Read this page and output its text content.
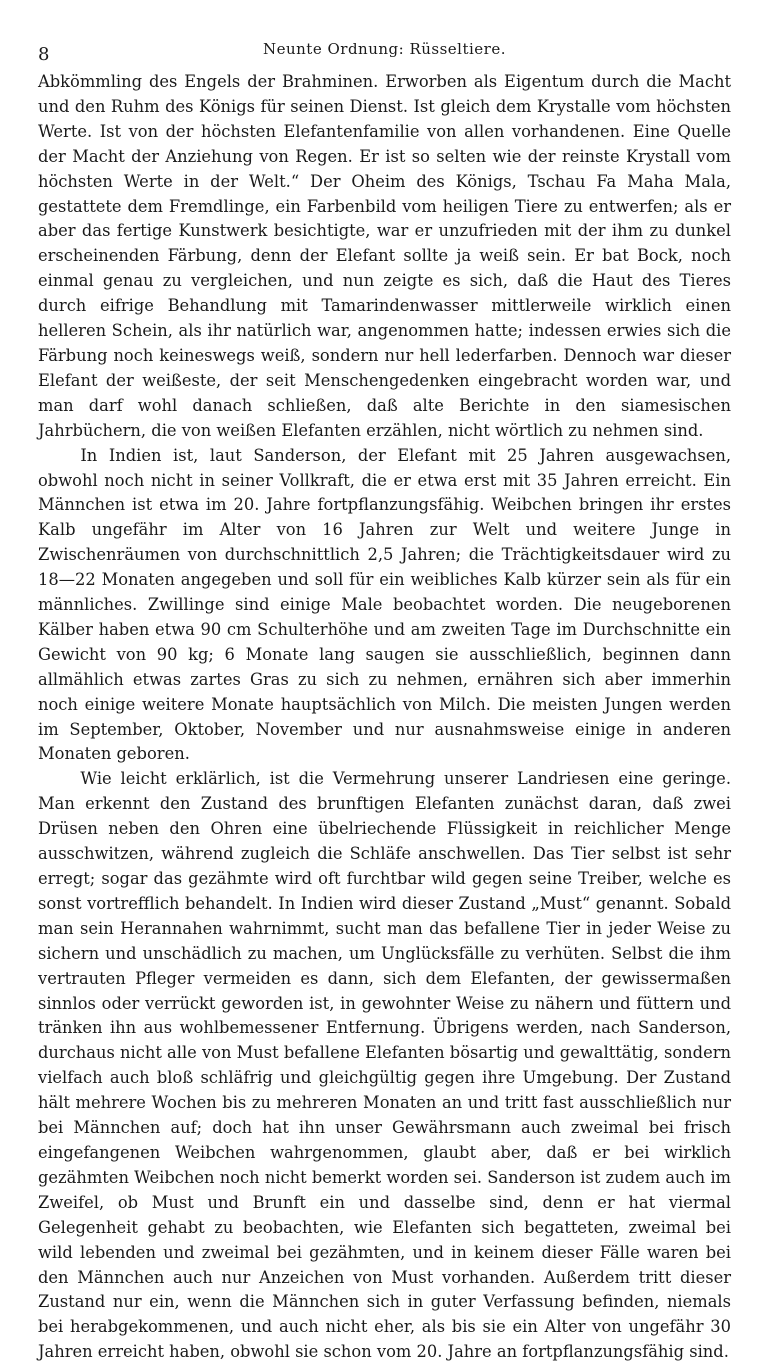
8	Neunte Ordnung: Rüsseltiere.

Abkömmling des Engels der Brahminen. Erworben als Eigentum durch die Macht und den Ruhm des Königs für seinen Dienst. Ist gleich dem Krystalle vom höchsten Werte. Ist von der höchsten Elefantenfamilie von allen vorhandenen. Eine Quelle der Macht der Anziehung von Regen. Er ist so selten wie der reinste Krystall vom höchsten Werte in der Welt.“ Der Oheim des Königs, Tschau Fa Maha Mala, gestattete dem Fremdlinge, ein Farbenbild vom heiligen Tiere zu entwerfen; als er aber das fertige Kunstwerk besichtigte, war er unzufrieden mit der ihm zu dunkel erscheinenden Färbung, denn der Elefant sollte ja weiß sein. Er bat Bock, noch einmal genau zu vergleichen, und nun zeigte es sich, daß die Haut des Tieres durch eifrige Behandlung mit Tamarindenwasser mittlerweile wirklich einen helleren Schein, als ihr natürlich war, angenommen hatte; indessen erwies sich die Färbung noch keineswegs weiß, sondern nur hell lederfarben. Dennoch war dieser Elefant der weißeste, der seit Menschengedenken eingebracht worden war, und man darf wohl danach schließen, daß alte Berichte in den siamesischen Jahrbüchern, die von weißen Elefanten erzählen, nicht wörtlich zu nehmen sind.

In Indien ist, laut Sanderson, der Elefant mit 25 Jahren ausgewachsen, obwohl noch nicht in seiner Vollkraft, die er etwa erst mit 35 Jahren erreicht. Ein Männchen ist etwa im 20. Jahre fortpflanzungsfähig. Weibchen bringen ihr erstes Kalb ungefähr im Alter von 16 Jahren zur Welt und weitere Junge in Zwischenräumen von durchschnittlich 2,5 Jahren; die Trächtigkeitsdauer wird zu 18—22 Monaten angegeben und soll für ein weibliches Kalb kürzer sein als für ein männliches. Zwillinge sind einige Male beobachtet worden. Die neugeborenen Kälber haben etwa 90 cm Schulterhöhe und am zweiten Tage im Durchschnitte ein Gewicht von 90 kg; 6 Monate lang saugen sie ausschließlich, beginnen dann allmählich etwas zartes Gras zu sich zu nehmen, ernähren sich aber immerhin noch einige weitere Monate hauptsächlich von Milch. Die meisten Jungen werden im September, Oktober, November und nur ausnahmsweise einige in anderen Monaten geboren.

Wie leicht erklärlich, ist die Vermehrung unserer Landriesen eine geringe. Man erkennt den Zustand des brunftigen Elefanten zunächst daran, daß zwei Drüsen neben den Ohren eine übelriechende Flüssigkeit in reichlicher Menge ausschwitzen, während zugleich die Schläfe anschwellen. Das Tier selbst ist sehr erregt; sogar das gezähmte wird oft furchtbar wild gegen seine Treiber, welche es sonst vortrefflich behandelt. In Indien wird dieser Zustand „Must“ genannt. Sobald man sein Herannahen wahrnimmt, sucht man das befallene Tier in jeder Weise zu sichern und unschädlich zu machen, um Unglücksfälle zu verhüten. Selbst die ihm vertrauten Pfleger vermeiden es dann, sich dem Elefanten, der gewissermaßen sinnlos oder verrückt geworden ist, in gewohnter Weise zu nähern und füttern und tränken ihn aus wohlbemessener Entfernung. Übrigens werden, nach Sanderson, durchaus nicht alle von Must befallene Elefanten bösartig und gewalttätig, sondern vielfach auch bloß schläfrig und gleichgültig gegen ihre Umgebung. Der Zustand hält mehrere Wochen bis zu mehreren Monaten an und tritt fast ausschließlich nur bei Männchen auf; doch hat ihn unser Gewährsmann auch zweimal bei frisch eingefangenen Weibchen wahrgenommen, glaubt aber, daß er bei wirklich gezähmten Weibchen noch nicht bemerkt worden sei. Sanderson ist zudem auch im Zweifel, ob Must und Brunft ein und dasselbe sind, denn er hat viermal Gelegenheit gehabt zu beobachten, wie Elefanten sich begatteten, zweimal bei wild lebenden und zweimal bei gezähmten, und in keinem dieser Fälle waren bei den Männchen auch nur Anzeichen von Must vorhanden. Außerdem tritt dieser Zustand nur ein, wenn die Männchen sich in guter Verfassung befinden, niemals bei herabgekommenen, und auch nicht eher, als bis sie ein Alter von ungefähr 30 Jahren erreicht haben, obwohl sie schon vom 20. Jahre an fortpflanzungsfähig sind.
